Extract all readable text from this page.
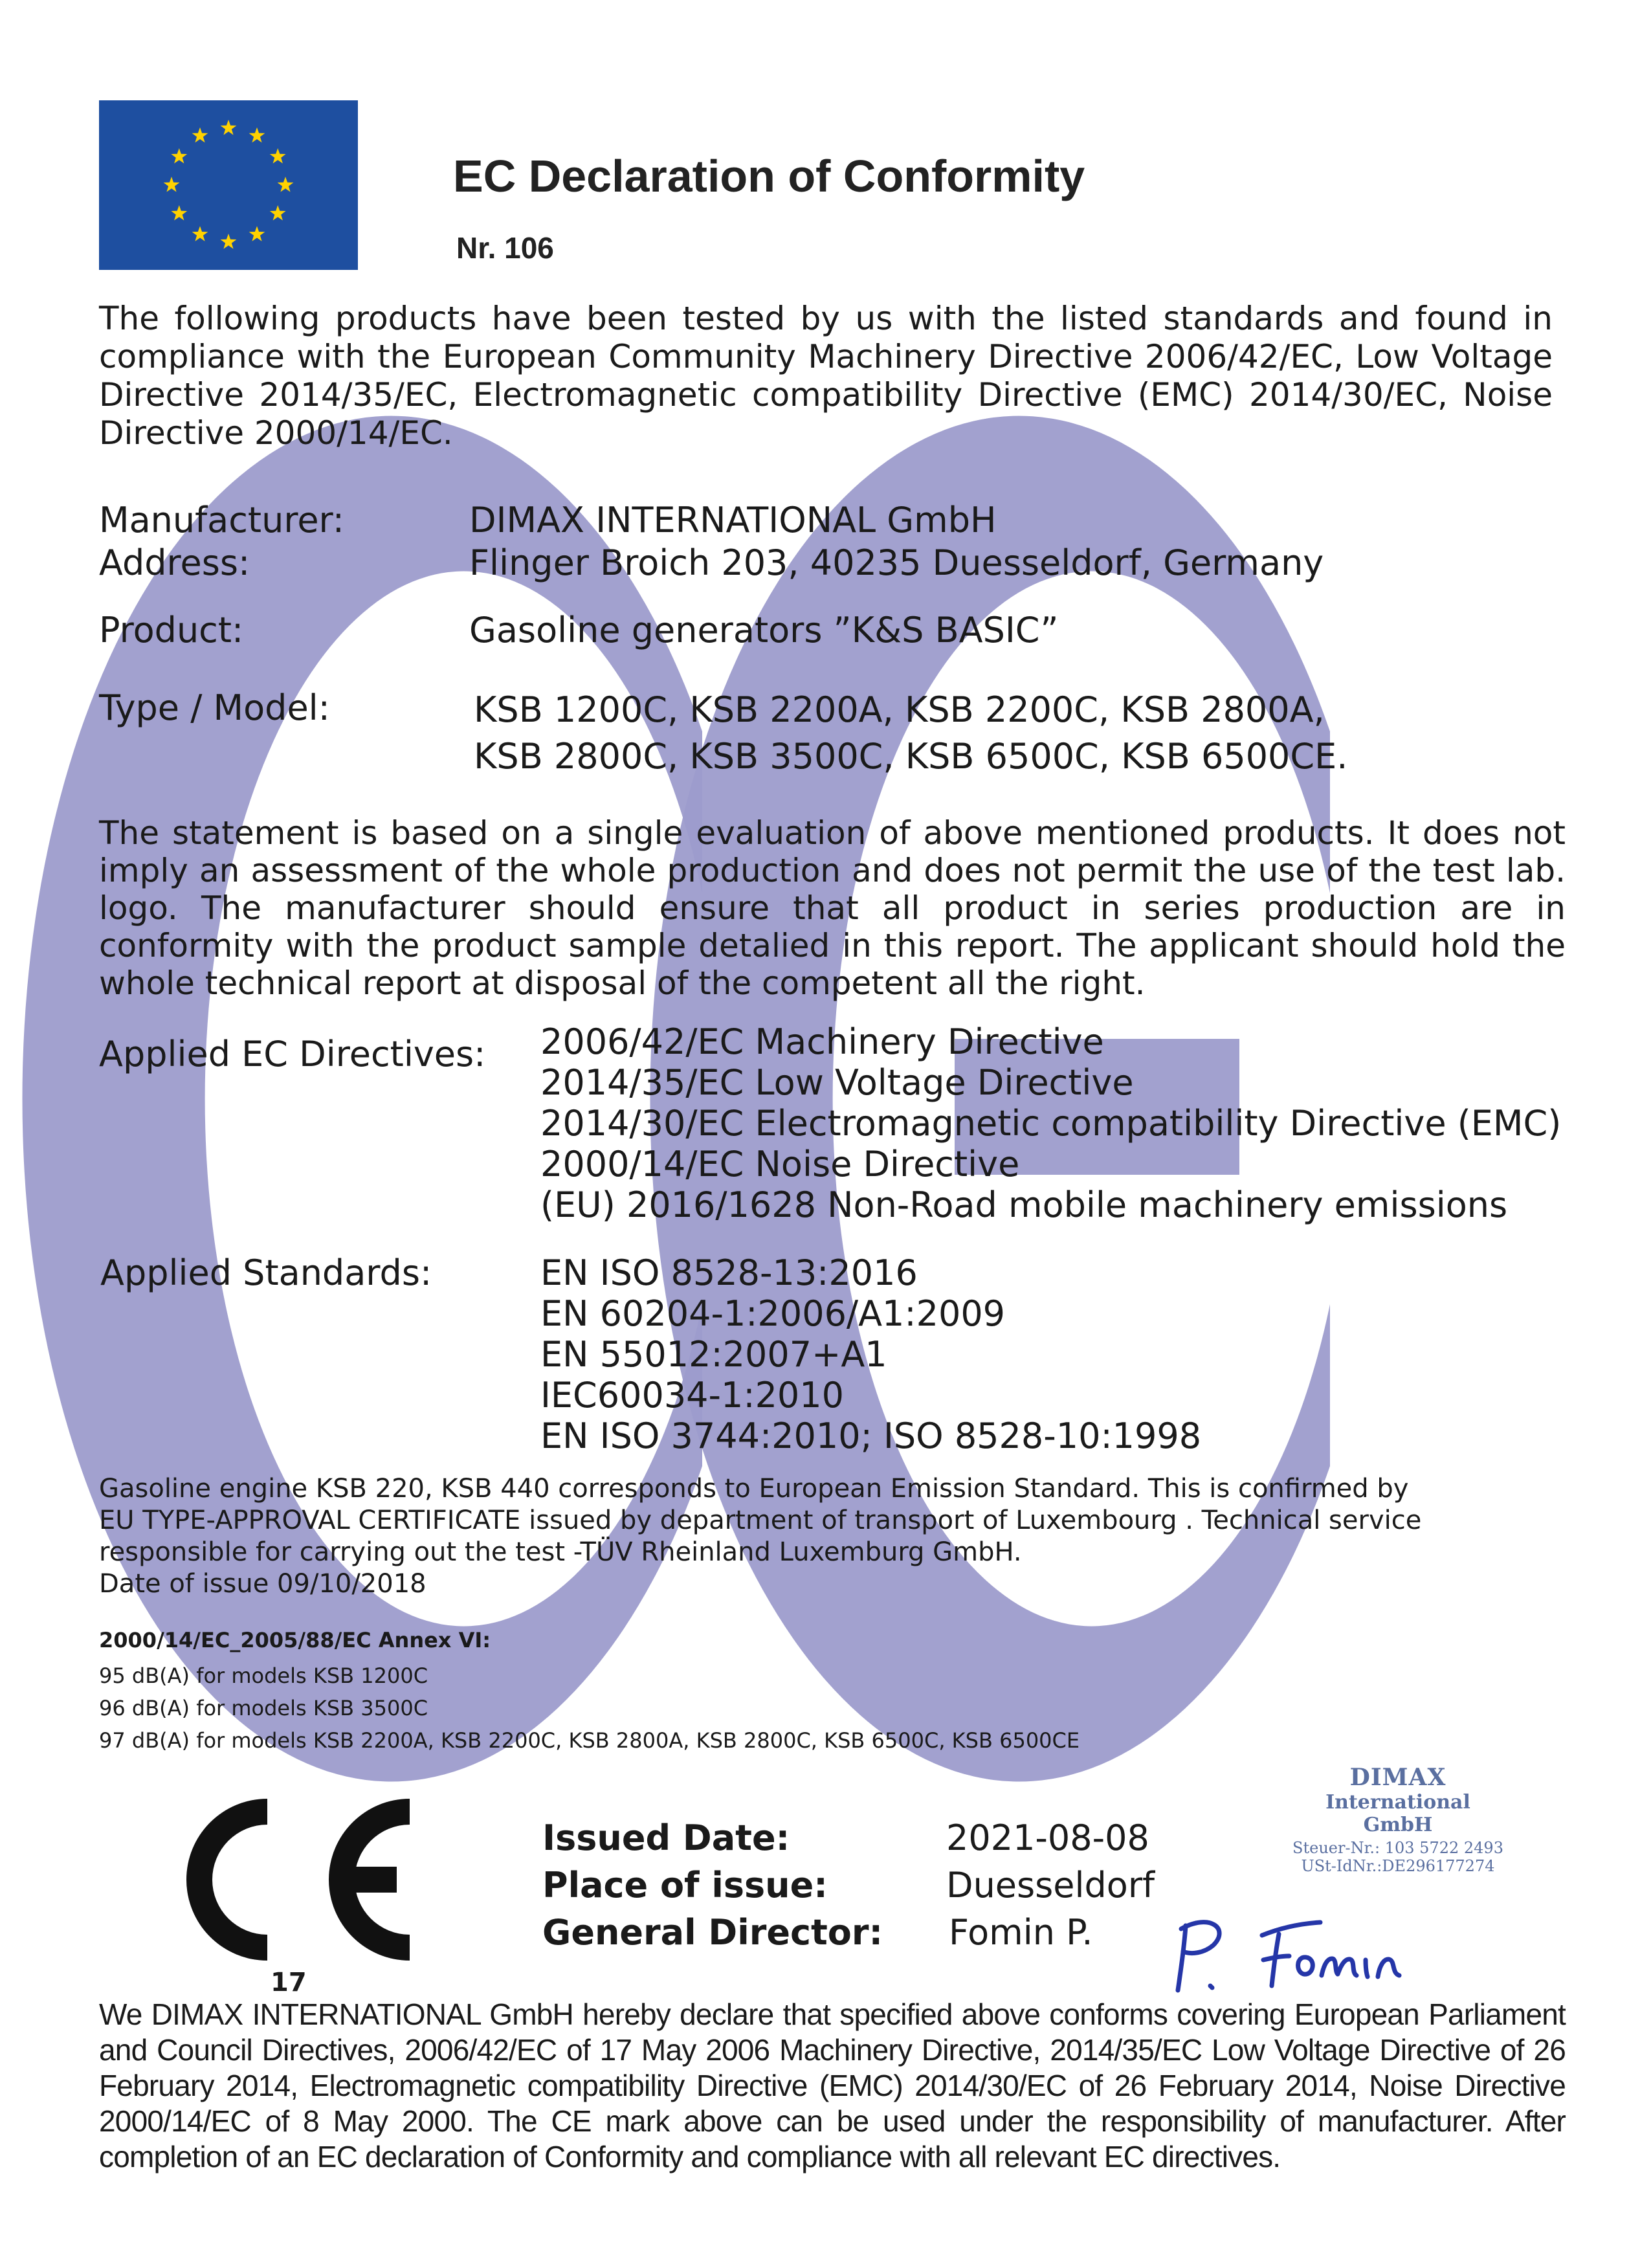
EC Declaration of Conformity
Nr. 106
The following products have been tested by us with the listed standards and found in compliance with the European Community Machinery Directive 2006/42/EC, Low Voltage Directive 2014/35/EC, Electromagnetic compatibility Directive (EMC) 2014/30/EC, Noise Directive 2000/14/EC.
Manufacturer:	DIMAX INTERNATIONAL GmbH
Address:	Flinger Broich 203, 40235 Duesseldorf, Germany
Product:	Gasoline generators ”K&S BASIC”
Type / Model:	KSB 1200C, KSB 2200A, KSB 2200C, KSB 2800A,
KSB 2800C, KSB 3500C, KSB 6500C, KSB 6500CE.
The statement is based on a single evaluation of above mentioned products. It does not imply an assessment of the whole production and does not permit the use of the test lab. logo. The manufacturer should ensure that all product in series production are in conformity with the product sample detalied in this report. The applicant should hold the whole technical report at disposal of the competent all the right.
Applied EC Directives: 2006/42/EC Machinery Directive
2014/35/EC Low Voltage Directive
2014/30/EC Electromagnetic compatibility Directive (EMC)
2000/14/EC Noise Directive
(EU) 2016/1628 Non-Road mobile machinery emissions
Applied Standards:	EN ISO 8528-13:2016
EN 60204-1:2006/A1:2009
EN 55012:2007+A1
IEC60034-1:2010
EN ISO 3744:2010; ISO 8528-10:1998
Gasoline engine KSB 220, KSB 440 corresponds to European Emission Standard. This is confirmed by
EU TYPE-APPROVAL CERTIFICATE issued by department of transport of Luxembourg . Technical service
responsible for carrying out the test -TÜV Rheinland Luxemburg GmbH.
Date of issue 09/10/2018
2000/14/EC_2005/88/EC Annex VI:
95 dB(A) for models KSB 1200C
96 dB(A) for models KSB 3500C
97 dB(A) for models KSB 2200A, KSB 2200C, KSB 2800A, KSB 2800C, KSB 6500C, KSB 6500CE
17
Issued Date:	2021-08-08
Place of issue:	Duesseldorf
General Director: Fomin P.
DIMAX
International
GmbH
Steuer-Nr.: 103 5722 2493
USt-IdNr.:DE296177274
We DIMAX INTERNATIONAL GmbH hereby declare that specified above conforms covering European Parliament and Council Directives, 2006/42/EC of 17 May 2006 Machinery Directive, 2014/35/EC Low Voltage Directive of 26 February 2014, Electromagnetic compatibility Directive (EMC) 2014/30/EC of 26 February 2014, Noise Directive 2000/14/EC of 8 May 2000. The CE mark above can be used under the responsibility of manufacturer. After completion of an EC declaration of Conformity and compliance with all relevant EC directives.
